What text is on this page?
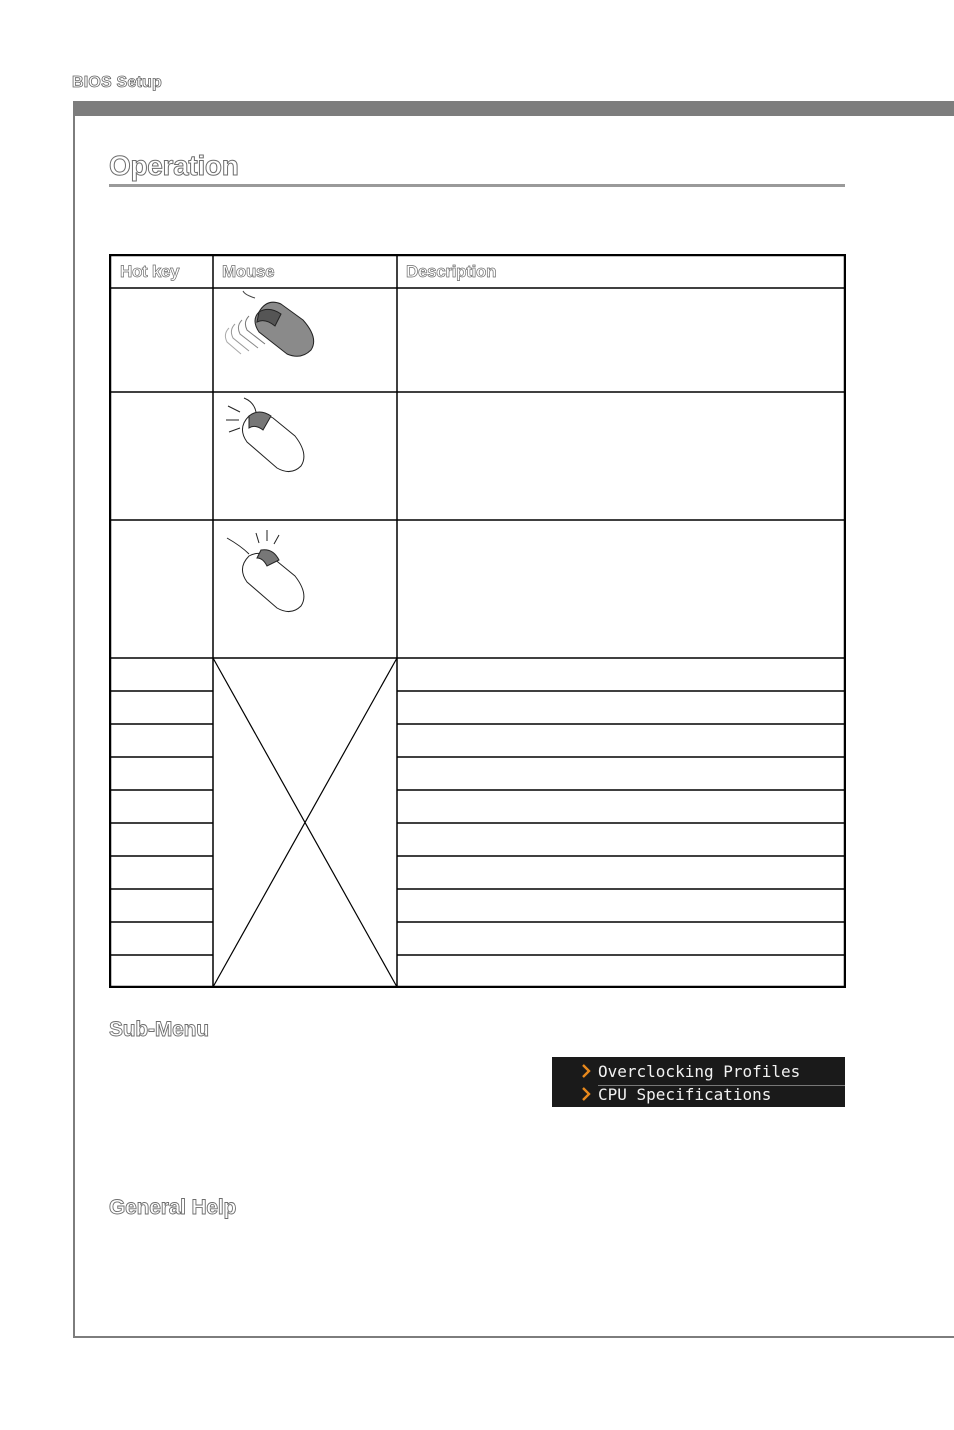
BIOS Setup
Operation
Hot key	Mouse	Description
Sub-Menu
Overclocking Profiles
CPU Specifications
General Help
